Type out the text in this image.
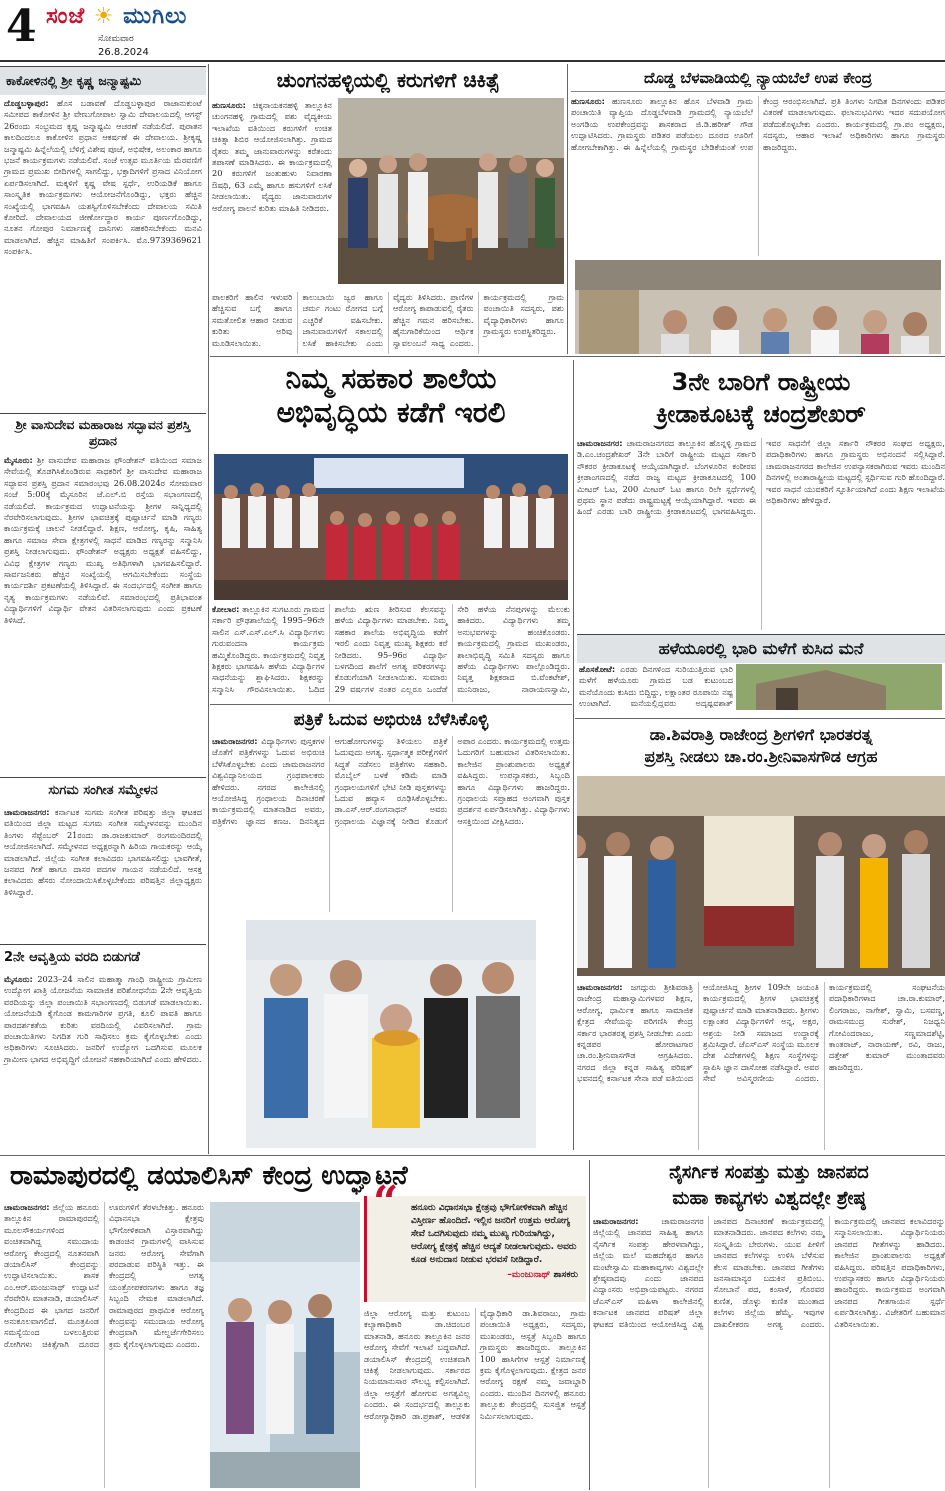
4 ಸಂಜೆ ☀ ಮುಗಿಲು
ಸೋಮವಾರ
26.8.2024
ಕಾಕೋಳಿನಲ್ಲಿ ಶ್ರೀ ಕೃಷ್ಣ ಜನ್ಮಾಷ್ಟಮಿ
ದೊಡ್ಡಬಳ್ಳಾಪುರ: ಹೊಸ ಬಡಾವಣೆ ದೊಡ್ಡಬಳ್ಳಾಪುರ ರಾಜಾನುಕುಂಟೆ ಸಮೀಪದ ಕಾಕೋಳಿನ ಶ್ರೀ ವೇಣುಗೋಪಾಲ ಸ್ವಾಮಿ ದೇವಾಲಯದಲ್ಲಿ ಆಗಸ್ಟ್ 26ರಂದು ಸಂಭ್ರಮದ ಕೃಷ್ಣ ಜನ್ಮಾಷ್ಟಮಿ ಆಚರಣೆ ನಡೆಯಲಿದೆ. ಪುರಾತನ ಕಾಲದಿಂದಲೂ ಕಾಕೋಳಿನ ಪ್ರಧಾನ ಆಕರ್ಷಣೆ ಈ ದೇವಾಲಯ. ಶ್ರೀಕೃಷ್ಣ ಜನ್ಮಾಷ್ಟಮಿ ಹಿನ್ನೆಲೆಯಲ್ಲಿ ಬೆಳಿಗ್ಗೆ ವಿಶೇಷ ಪೂಜೆ, ಅಭಿಷೇಕ, ಅಲಂಕಾರ ಹಾಗೂ ಭಜನೆ ಕಾರ್ಯಕ್ರಮಗಳು ನಡೆಯಲಿವೆ. ಸಂಜೆ ಉತ್ಸವ ಮೂರ್ತಿಯ ಮೆರವಣಿಗೆ ಗ್ರಾಮದ ಪ್ರಮುಖ ಬೀದಿಗಳಲ್ಲಿ ಸಾಗಲಿದ್ದು, ಭಕ್ತಾದಿಗಳಿಗೆ ಪ್ರಸಾದ ವಿನಿಯೋಗ ಏರ್ಪಡಿಸಲಾಗಿದೆ. ಮಕ್ಕಳಿಗೆ ಕೃಷ್ಣ ವೇಷ ಸ್ಪರ್ಧೆ, ಉರಿಯಡಿಕೆ ಹಾಗೂ ಸಾಂಸ್ಕೃತಿಕ ಕಾರ್ಯಕ್ರಮಗಳು ಆಯೋಜನೆಗೊಂಡಿದ್ದು, ಭಕ್ತರು ಹೆಚ್ಚಿನ ಸಂಖ್ಯೆಯಲ್ಲಿ ಭಾಗವಹಿಸಿ ಯಶಸ್ವಿಗೊಳಿಸಬೇಕೆಂದು ದೇವಾಲಯ ಸಮಿತಿ ಕೋರಿದೆ. ದೇವಾಲಯದ ಜೀರ್ಣೋದ್ಧಾರ ಕಾರ್ಯ ಪೂರ್ಣಗೊಂಡಿದ್ದು, ನೂತನ ಗೋಪುರ ನಿರ್ಮಾಣಕ್ಕೆ ದಾನಿಗಳು ಸಹಕರಿಸಬೇಕೆಂದು ಮನವಿ ಮಾಡಲಾಗಿದೆ. ಹೆಚ್ಚಿನ ಮಾಹಿತಿಗೆ ಸಂಪರ್ಕಿಸಿ. ಮೊ.9739369621 ಸಂಪರ್ಕಿಸಿ.
ಶ್ರೀ ವಾಸುದೇವ ಮಹಾರಾಜ ಸದ್ಭಾವನ ಪ್ರಶಸ್ತಿ ಪ್ರದಾನ
ಮೈಸೂರು: ಶ್ರೀ ವಾಸುದೇವ ಮಹಾರಾಜ ಫೌಂಡೇಶನ್ ವತಿಯಿಂದ ಸಮಾಜ ಸೇವೆಯಲ್ಲಿ ತೊಡಗಿಸಿಕೊಂಡಿರುವ ಸಾಧಕರಿಗೆ ಶ್ರೀ ವಾಸುದೇವ ಮಹಾರಾಜ ಸದ್ಭಾವನ ಪ್ರಶಸ್ತಿ ಪ್ರದಾನ ಸಮಾರಂಭವು 26.08.2024ರ ಸೋಮವಾರ ಸಂಜೆ 5:00ಕ್ಕೆ ಮೈಸೂರಿನ ಜೆ.ಎಲ್.ಬಿ ರಸ್ತೆಯ ಸಭಾಂಗಣದಲ್ಲಿ ನಡೆಯಲಿದೆ. ಕಾರ್ಯಕ್ರಮದ ಉದ್ಘಾಟನೆಯನ್ನು ಶ್ರೀಗಳ ಸಾನ್ನಿಧ್ಯದಲ್ಲಿ ನೆರವೇರಿಸಲಾಗುವುದು. ಶ್ರೀಗಳ ಭಾವಚಿತ್ರಕ್ಕೆ ಪುಷ್ಪಾರ್ಚನೆ ಮಾಡಿ ಗಣ್ಯರು ಕಾರ್ಯಕ್ರಮಕ್ಕೆ ಚಾಲನೆ ನೀಡಲಿದ್ದಾರೆ. ಶಿಕ್ಷಣ, ಆರೋಗ್ಯ, ಕೃಷಿ, ಸಾಹಿತ್ಯ ಹಾಗೂ ಸಮಾಜ ಸೇವಾ ಕ್ಷೇತ್ರಗಳಲ್ಲಿ ಸಾಧನೆ ಮಾಡಿದ ಗಣ್ಯರನ್ನು ಸನ್ಮಾನಿಸಿ ಪ್ರಶಸ್ತಿ ನೀಡಲಾಗುವುದು. ಫೌಂಡೇಶನ್ ಅಧ್ಯಕ್ಷರು ಅಧ್ಯಕ್ಷತೆ ವಹಿಸಲಿದ್ದು, ವಿವಿಧ ಕ್ಷೇತ್ರಗಳ ಗಣ್ಯರು ಮುಖ್ಯ ಅತಿಥಿಗಳಾಗಿ ಭಾಗವಹಿಸಲಿದ್ದಾರೆ. ಸಾರ್ವಜನಿಕರು ಹೆಚ್ಚಿನ ಸಂಖ್ಯೆಯಲ್ಲಿ ಆಗಮಿಸಬೇಕೆಂದು ಸಂಸ್ಥೆಯ ಕಾರ್ಯದರ್ಶಿ ಪ್ರಕಟಣೆಯಲ್ಲಿ ತಿಳಿಸಿದ್ದಾರೆ. ಈ ಸಂದರ್ಭದಲ್ಲಿ ಸಂಗೀತ ಹಾಗೂ ನೃತ್ಯ ಕಾರ್ಯಕ್ರಮಗಳು ನಡೆಯಲಿವೆ. ಸಮಾರಂಭದಲ್ಲಿ ಪ್ರತಿಭಾವಂತ ವಿದ್ಯಾರ್ಥಿಗಳಿಗೆ ವಿದ್ಯಾರ್ಥಿ ವೇತನ ವಿತರಿಸಲಾಗುವುದು ಎಂದು ಪ್ರಕಟಣೆ ತಿಳಿಸಿದೆ.
ಸುಗಮ ಸಂಗೀತ ಸಮ್ಮೇಳನ
ಚಾಮರಾಜನಗರ: ಕರ್ನಾಟಕ ಸುಗಮ ಸಂಗೀತ ಪರಿಷತ್ತು ಜಿಲ್ಲಾ ಘಟಕದ ವತಿಯಿಂದ ಜಿಲ್ಲಾ ಮಟ್ಟದ ಸುಗಮ ಸಂಗೀತ ಸಮ್ಮೇಳನವನ್ನು ಮುಂದಿನ ತಿಂಗಳು ಸೆಪ್ಟೆಂಬರ್ 21ರಂದು ಡಾ.ರಾಜಕುಮಾರ್ ರಂಗಮಂದಿರದಲ್ಲಿ ಆಯೋಜಿಸಲಾಗಿದೆ. ಸಮ್ಮೇಳನದ ಅಧ್ಯಕ್ಷರನ್ನಾಗಿ ಹಿರಿಯ ಗಾಯಕರನ್ನು ಆಯ್ಕೆ ಮಾಡಲಾಗಿದೆ. ಜಿಲ್ಲೆಯ ಸಂಗೀತ ಕಲಾವಿದರು ಭಾಗವಹಿಸಲಿದ್ದು ಭಾವಗೀತೆ, ಜನಪದ ಗೀತೆ ಹಾಗೂ ದಾಸರ ಪದಗಳ ಗಾಯನ ನಡೆಯಲಿದೆ. ಆಸಕ್ತ ಕಲಾವಿದರು ಹೆಸರು ನೋಂದಾಯಿಸಿಕೊಳ್ಳಬೇಕೆಂದು ಪರಿಷತ್ತಿನ ಜಿಲ್ಲಾಧ್ಯಕ್ಷರು ತಿಳಿಸಿದ್ದಾರೆ.
2ನೇ ಆವೃತ್ತಿಯ ವರದಿ ಬಿಡುಗಡೆ
ಮೈಸೂರು: 2023–24 ಸಾಲಿನ ಮಹಾತ್ಮಾ ಗಾಂಧಿ ರಾಷ್ಟ್ರೀಯ ಗ್ರಾಮೀಣ ಉದ್ಯೋಗ ಖಾತ್ರಿ ಯೋಜನೆಯ ಸಾಮಾಜಿಕ ಪರಿಶೋಧನೆಯ 2ನೇ ಆವೃತ್ತಿಯ ವರದಿಯನ್ನು ಜಿಲ್ಲಾ ಪಂಚಾಯಿತಿ ಸಭಾಂಗಣದಲ್ಲಿ ಬಿಡುಗಡೆ ಮಾಡಲಾಯಿತು. ಯೋಜನೆಯಡಿ ಕೈಗೊಂಡ ಕಾಮಗಾರಿಗಳ ಪ್ರಗತಿ, ಕೂಲಿ ಪಾವತಿ ಹಾಗೂ ಪಾರದರ್ಶಕತೆಯ ಕುರಿತು ವರದಿಯಲ್ಲಿ ವಿವರಿಸಲಾಗಿದೆ. ಗ್ರಾಮ ಪಂಚಾಯಿತಿಗಳು ನಿಗದಿತ ಗುರಿ ಸಾಧಿಸಲು ಕ್ರಮ ಕೈಗೊಳ್ಳಬೇಕು ಎಂದು ಅಧಿಕಾರಿಗಳು ಸೂಚಿಸಿದರು. ಜನರಿಗೆ ಉದ್ಯೋಗ ಒದಗಿಸುವ ಮೂಲಕ ಗ್ರಾಮೀಣ ಭಾಗದ ಅಭಿವೃದ್ಧಿಗೆ ಯೋಜನೆ ಸಹಕಾರಿಯಾಗಿದೆ ಎಂದು ಹೇಳಿದರು.
ಚುಂಗನಹಳ್ಳಿಯಲ್ಲಿ ಕರುಗಳಿಗೆ ಚಿಕಿತ್ಸೆ
ಹುಣಸೂರು: ಚಿಕ್ಕನಾಯಕನಹಳ್ಳಿ ತಾಲ್ಲೂಕಿನ ಚುಂಗನಹಳ್ಳಿ ಗ್ರಾಮದಲ್ಲಿ ಪಶು ವೈದ್ಯಕೀಯ ಇಲಾಖೆಯ ವತಿಯಿಂದ ಕರುಗಳಿಗೆ ಉಚಿತ ಚಿಕಿತ್ಸಾ ಶಿಬಿರ ಆಯೋಜಿಸಲಾಗಿತ್ತು. ಗ್ರಾಮದ ರೈತರು ತಮ್ಮ ಜಾನುವಾರುಗಳನ್ನು ಕರೆತಂದು ತಪಾಸಣೆ ಮಾಡಿಸಿದರು. ಈ ಕಾರ್ಯಕ್ರಮದಲ್ಲಿ 20 ಕರುಗಳಿಗೆ ಜಂತುಹುಳು ನಿವಾರಣಾ ಔಷಧಿ, 63 ಎಮ್ಮೆ ಹಾಗೂ ಹಸುಗಳಿಗೆ ಲಸಿಕೆ ನೀಡಲಾಯಿತು. ವೈದ್ಯರು ಜಾನುವಾರುಗಳ ಆರೋಗ್ಯ ಪಾಲನೆ ಕುರಿತು ಮಾಹಿತಿ ನೀಡಿದರು.
ಪಾಲಕರಿಗೆ ಹಾಲಿನ ಇಳುವರಿ ಹೆಚ್ಚಿಸುವ ಬಗ್ಗೆ ಹಾಗೂ ಸಮತೋಲಿತ ಆಹಾರ ನೀಡುವ ಕುರಿತು ಅರಿವು ಮೂಡಿಸಲಾಯಿತು. ಕಾಲುಬಾಯಿ ಜ್ವರ ಹಾಗೂ ಚರ್ಮ ಗಂಟು ರೋಗದ ಬಗ್ಗೆ ಎಚ್ಚರಿಕೆ ವಹಿಸಬೇಕು. ಜಾನುವಾರುಗಳಿಗೆ ಸಕಾಲದಲ್ಲಿ ಲಸಿಕೆ ಹಾಕಿಸಬೇಕು ಎಂದು ವೈದ್ಯರು ತಿಳಿಸಿದರು. ಪ್ರಾಣಿಗಳ ಆರೋಗ್ಯ ಕಾಪಾಡುವಲ್ಲಿ ರೈತರು ಹೆಚ್ಚಿನ ಗಮನ ಹರಿಸಬೇಕು. ಹೈನುಗಾರಿಕೆಯಿಂದ ಆರ್ಥಿಕ ಸ್ವಾವಲಂಬನೆ ಸಾಧ್ಯ ಎಂದರು. ಕಾರ್ಯಕ್ರಮದಲ್ಲಿ ಗ್ರಾಮ ಪಂಚಾಯಿತಿ ಸದಸ್ಯರು, ಪಶು ವೈದ್ಯಾಧಿಕಾರಿಗಳು ಹಾಗೂ ಗ್ರಾಮಸ್ಥರು ಉಪಸ್ಥಿತರಿದ್ದರು.
ದೊಡ್ಡ ಬೆಳವಾಡಿಯಲ್ಲಿ ನ್ಯಾಯಬೆಲೆ ಉಪ ಕೇಂದ್ರ
ಹುಣಸೂರು: ಹುಣಸೂರು ತಾಲ್ಲೂಕಿನ ಹೊಸ ಬೆಳವಾಡಿ ಗ್ರಾಮ ಪಂಚಾಯಿತಿ ವ್ಯಾಪ್ತಿಯ ದೊಡ್ಡಬೆಳವಾಡಿ ಗ್ರಾಮದಲ್ಲಿ ನ್ಯಾಯಬೆಲೆ ಅಂಗಡಿಯ ಉಪಕೇಂದ್ರವನ್ನು ಶಾಸಕರಾದ ಜಿ.ಡಿ.ಹರೀಶ್ ಗೌಡ ಉದ್ಘಾಟಿಸಿದರು. ಗ್ರಾಮಸ್ಥರು ಪಡಿತರ ಪಡೆಯಲು ದೂರದ ಊರಿಗೆ ಹೋಗಬೇಕಾಗಿತ್ತು. ಈ ಹಿನ್ನೆಲೆಯಲ್ಲಿ ಗ್ರಾಮಸ್ಥರ ಬೇಡಿಕೆಯಂತೆ ಉಪ ಕೇಂದ್ರ ಆರಂಭಿಸಲಾಗಿದೆ. ಪ್ರತಿ ತಿಂಗಳು ನಿಗದಿತ ದಿನಗಳಂದು ಪಡಿತರ ವಿತರಣೆ ಮಾಡಲಾಗುವುದು. ಫಲಾನುಭವಿಗಳು ಇದರ ಸದುಪಯೋಗ ಪಡೆದುಕೊಳ್ಳಬೇಕು ಎಂದರು. ಕಾರ್ಯಕ್ರಮದಲ್ಲಿ ಗ್ರಾ.ಪಂ ಅಧ್ಯಕ್ಷರು, ಸದಸ್ಯರು, ಆಹಾರ ಇಲಾಖೆ ಅಧಿಕಾರಿಗಳು ಹಾಗೂ ಗ್ರಾಮಸ್ಥರು ಹಾಜರಿದ್ದರು.
ನಿಮ್ಮ ಸಹಕಾರ ಶಾಲೆಯ
ಅಭಿವೃದ್ಧಿಯ ಕಡೆಗೆ ಇರಲಿ
ಕೋಲಾರ: ತಾಲ್ಲೂಕಿನ ಸುಗಟೂರು ಗ್ರಾಮದ ಸರ್ಕಾರಿ ಪ್ರೌಢಶಾಲೆಯಲ್ಲಿ 1995–96ನೇ ಸಾಲಿನ ಎಸ್.ಎಸ್.ಎಲ್.ಸಿ ವಿದ್ಯಾರ್ಥಿಗಳು ಗುರುವಂದನಾ ಕಾರ್ಯಕ್ರಮ ಹಮ್ಮಿಕೊಂಡಿದ್ದರು. ಕಾರ್ಯಕ್ರಮದಲ್ಲಿ ನಿವೃತ್ತ ಶಿಕ್ಷಕರು ಭಾಗವಹಿಸಿ ಹಳೆಯ ವಿದ್ಯಾರ್ಥಿಗಳ ಸಾಧನೆಯನ್ನು ಶ್ಲಾಘಿಸಿದರು. ಶಿಕ್ಷಕರನ್ನು ಸನ್ಮಾನಿಸಿ ಗೌರವಿಸಲಾಯಿತು. ಓದಿದ ಶಾಲೆಯ ಋಣ ತೀರಿಸುವ ಕೆಲಸವನ್ನು ಹಳೆಯ ವಿದ್ಯಾರ್ಥಿಗಳು ಮಾಡಬೇಕು. ನಿಮ್ಮ ಸಹಕಾರ ಶಾಲೆಯ ಅಭಿವೃದ್ಧಿಯ ಕಡೆಗೆ ಇರಲಿ ಎಂದು ನಿವೃತ್ತ ಮುಖ್ಯ ಶಿಕ್ಷಕರು ಕರೆ ನೀಡಿದರು. 95–96ರ ವಿದ್ಯಾರ್ಥಿ ಬಳಗದಿಂದ ಶಾಲೆಗೆ ಅಗತ್ಯ ಪರಿಕರಗಳನ್ನು ಕೊಡುಗೆಯಾಗಿ ನೀಡಲಾಯಿತು. ಸುಮಾರು 29 ವರ್ಷಗಳ ನಂತರ ಎಲ್ಲರೂ ಒಂದೆಡೆ ಸೇರಿ ಹಳೆಯ ನೆನಪುಗಳನ್ನು ಮೆಲುಕು ಹಾಕಿದರು. ವಿದ್ಯಾರ್ಥಿಗಳು ತಮ್ಮ ಅನುಭವಗಳನ್ನು ಹಂಚಿಕೊಂಡರು. ಕಾರ್ಯಕ್ರಮದಲ್ಲಿ ಗ್ರಾಮದ ಮುಖಂಡರು, ಶಾಲಾಭಿವೃದ್ಧಿ ಸಮಿತಿ ಸದಸ್ಯರು ಹಾಗೂ ಹಳೆಯ ವಿದ್ಯಾರ್ಥಿಗಳು ಪಾಲ್ಗೊಂಡಿದ್ದರು. ನಿವೃತ್ತ ಶಿಕ್ಷಕರಾದ ಬಿ.ವೆಂಕಟೇಶ್, ಮುನಿರಾಜು, ನಾರಾಯಣಸ್ವಾಮಿ,
3ನೇ ಬಾರಿಗೆ ರಾಷ್ಟ್ರೀಯ
ಕ್ರೀಡಾಕೂಟಕ್ಕೆ ಚಂದ್ರಶೇಖರ್
ಚಾಮರಾಜನಗರ: ಚಾಮರಾಜನಗರದ ತಾಲ್ಲೂಕಿನ ಹೊನ್ನಳ್ಳಿ ಗ್ರಾಮದ ಡಿ.ಎಂ.ಚಂದ್ರಶೇಖರ್ 3ನೇ ಬಾರಿಗೆ ರಾಷ್ಟ್ರೀಯ ಮಟ್ಟದ ಸರ್ಕಾರಿ ನೌಕರರ ಕ್ರೀಡಾಕೂಟಕ್ಕೆ ಆಯ್ಕೆಯಾಗಿದ್ದಾರೆ. ಬೆಂಗಳೂರಿನ ಕಂಠೀರವ ಕ್ರೀಡಾಂಗಣದಲ್ಲಿ ನಡೆದ ರಾಜ್ಯ ಮಟ್ಟದ ಕ್ರೀಡಾಕೂಟದಲ್ಲಿ 100 ಮೀಟರ್ ಓಟ, 200 ಮೀಟರ್ ಓಟ ಹಾಗೂ ರಿಲೇ ಸ್ಪರ್ಧೆಗಳಲ್ಲಿ ಪ್ರಥಮ ಸ್ಥಾನ ಪಡೆದು ರಾಷ್ಟ್ರಮಟ್ಟಕ್ಕೆ ಆಯ್ಕೆಯಾಗಿದ್ದಾರೆ. ಇವರು ಈ ಹಿಂದೆ ಎರಡು ಬಾರಿ ರಾಷ್ಟ್ರೀಯ ಕ್ರೀಡಾಕೂಟದಲ್ಲಿ ಭಾಗವಹಿಸಿದ್ದರು. ಇವರ ಸಾಧನೆಗೆ ಜಿಲ್ಲಾ ಸರ್ಕಾರಿ ನೌಕರರ ಸಂಘದ ಅಧ್ಯಕ್ಷರು, ಪದಾಧಿಕಾರಿಗಳು ಹಾಗೂ ಗ್ರಾಮಸ್ಥರು ಅಭಿನಂದನೆ ಸಲ್ಲಿಸಿದ್ದಾರೆ. ಚಾಮರಾಜನಗರದ ಕಾಲೇಜಿನ ಉಪನ್ಯಾಸಕರಾಗಿರುವ ಇವರು ಮುಂದಿನ ದಿನಗಳಲ್ಲಿ ಅಂತಾರಾಷ್ಟ್ರೀಯ ಮಟ್ಟದಲ್ಲಿ ಸ್ಪರ್ಧಿಸುವ ಗುರಿ ಹೊಂದಿದ್ದಾರೆ. ಇವರ ಸಾಧನೆ ಯುವಕರಿಗೆ ಸ್ಫೂರ್ತಿಯಾಗಿದೆ ಎಂದು ಶಿಕ್ಷಣ ಇಲಾಖೆಯ ಅಧಿಕಾರಿಗಳು ಹೇಳಿದ್ದಾರೆ.
ಹಳೆಯೂರಲ್ಲಿ ಭಾರಿ ಮಳೆಗೆ ಕುಸಿದ ಮನೆ
ಹೊಸಕೋಟೆ: ಎರಡು ದಿನಗಳಿಂದ ಸುರಿಯುತ್ತಿರುವ ಭಾರಿ ಮಳೆಗೆ ಹಳೆಯೂರು ಗ್ರಾಮದ ಬಡ ಕುಟುಂಬದ ಮನೆಯೊಂದು ಕುಸಿದು ಬಿದ್ದಿದ್ದು, ಲಕ್ಷಾಂತರ ರೂಪಾಯಿ ನಷ್ಟ ಉಂಟಾಗಿದೆ. ಮನೆಯಲ್ಲಿದ್ದವರು ಅದೃಷ್ಟವಶಾತ್
ಪತ್ರಿಕೆ ಓದುವ ಅಭಿರುಚಿ ಬೆಳೆಸಿಕೊಳ್ಳಿ
ಚಾಮರಾಜನಗರ: ವಿದ್ಯಾರ್ಥಿಗಳು ಪುಸ್ತಕಗಳ ಜೊತೆಗೆ ಪತ್ರಿಕೆಗಳನ್ನು ಓದುವ ಅಭಿರುಚಿ ಬೆಳೆಸಿಕೊಳ್ಳಬೇಕು ಎಂದು ಚಾಮರಾಜನಗರ ವಿಶ್ವವಿದ್ಯಾನಿಲಯದ ಗ್ರಂಥಪಾಲಕರು ಹೇಳಿದರು. ನಗರದ ಕಾಲೇಜಿನಲ್ಲಿ ಆಯೋಜಿಸಿದ್ದ ಗ್ರಂಥಾಲಯ ದಿನಾಚರಣೆ ಕಾರ್ಯಕ್ರಮದಲ್ಲಿ ಮಾತನಾಡಿದ ಅವರು, ಪತ್ರಿಕೆಗಳು ಜ್ಞಾನದ ಕಣಜ. ದಿನನಿತ್ಯದ ಆಗುಹೋಗುಗಳನ್ನು ತಿಳಿಯಲು ಪತ್ರಿಕೆ ಓದುವುದು ಅಗತ್ಯ. ಸ್ಪರ್ಧಾತ್ಮಕ ಪರೀಕ್ಷೆಗಳಿಗೆ ಸಿದ್ಧತೆ ನಡೆಸಲು ಪತ್ರಿಕೆಗಳು ಸಹಕಾರಿ. ಮೊಬೈಲ್ ಬಳಕೆ ಕಡಿಮೆ ಮಾಡಿ ಗ್ರಂಥಾಲಯಗಳಿಗೆ ಭೇಟಿ ನೀಡಿ ಪುಸ್ತಕಗಳನ್ನು ಓದುವ ಹವ್ಯಾಸ ರೂಢಿಸಿಕೊಳ್ಳಬೇಕು. ಡಾ.ಎಸ್.ಆರ್.ರಂಗನಾಥನ್ ಅವರು ಗ್ರಂಥಾಲಯ ವಿಜ್ಞಾನಕ್ಕೆ ನೀಡಿದ ಕೊಡುಗೆ ಅಪಾರ ಎಂದರು. ಕಾರ್ಯಕ್ರಮದಲ್ಲಿ ಉತ್ತಮ ಓದುಗರಿಗೆ ಬಹುಮಾನ ವಿತರಿಸಲಾಯಿತು. ಕಾಲೇಜಿನ ಪ್ರಾಂಶುಪಾಲರು ಅಧ್ಯಕ್ಷತೆ ವಹಿಸಿದ್ದರು. ಉಪನ್ಯಾಸಕರು, ಸಿಬ್ಬಂದಿ ಹಾಗೂ ವಿದ್ಯಾರ್ಥಿಗಳು ಹಾಜರಿದ್ದರು. ಗ್ರಂಥಾಲಯ ಸಪ್ತಾಹದ ಅಂಗವಾಗಿ ಪುಸ್ತಕ ಪ್ರದರ್ಶನ ಏರ್ಪಡಿಸಲಾಗಿತ್ತು. ವಿದ್ಯಾರ್ಥಿಗಳು ಆಸಕ್ತಿಯಿಂದ ವೀಕ್ಷಿಸಿದರು.
ಡಾ.ಶಿವರಾತ್ರಿ ರಾಜೇಂದ್ರ ಶ್ರೀಗಳಿಗೆ ಭಾರತರತ್ನ
ಪ್ರಶಸ್ತಿ ನೀಡಲು ಚಾ.ರಂ.ಶ್ರೀನಿವಾಸಗೌಡ ಆಗ್ರಹ
ಚಾಮರಾಜನಗರ: ಜಗದ್ಗುರು ಶ್ರೀಶಿವರಾತ್ರಿ ರಾಜೇಂದ್ರ ಮಹಾಸ್ವಾಮಿಗಳವರ ಶಿಕ್ಷಣ, ಆರೋಗ್ಯ, ಧಾರ್ಮಿಕ ಹಾಗೂ ಸಾಮಾಜಿಕ ಕ್ಷೇತ್ರದ ಸೇವೆಯನ್ನು ಪರಿಗಣಿಸಿ ಕೇಂದ್ರ ಸರ್ಕಾರ ಭಾರತರತ್ನ ಪ್ರಶಸ್ತಿ ನೀಡಬೇಕು ಎಂದು ಕನ್ನಡಪರ ಹೋರಾಟಗಾರ ಚಾ.ರಂ.ಶ್ರೀನಿವಾಸಗೌಡ ಆಗ್ರಹಿಸಿದರು. ನಗರದ ಜಿಲ್ಲಾ ಕನ್ನಡ ಸಾಹಿತ್ಯ ಪರಿಷತ್ ಭವನದಲ್ಲಿ ಕರ್ನಾಟಕ ಸೇನಾ ಪಡೆ ವತಿಯಿಂದ ಆಯೋಜಿಸಿದ್ದ ಶ್ರೀಗಳ 109ನೇ ಜಯಂತಿ ಕಾರ್ಯಕ್ರಮದಲ್ಲಿ ಶ್ರೀಗಳ ಭಾವಚಿತ್ರಕ್ಕೆ ಪುಷ್ಪಾರ್ಚನೆ ಮಾಡಿ ಮಾತನಾಡಿದರು. ಶ್ರೀಗಳು ಲಕ್ಷಾಂತರ ವಿದ್ಯಾರ್ಥಿಗಳಿಗೆ ಅನ್ನ, ಅಕ್ಷರ, ಆಶ್ರಯ ನೀಡಿ ಸಮಾಜದ ಉದ್ಧಾರಕ್ಕೆ ಶ್ರಮಿಸಿದ್ದಾರೆ. ಜೆಎಸ್‌ಎಸ್ ಸಂಸ್ಥೆಯ ಮೂಲಕ ದೇಶ ವಿದೇಶಗಳಲ್ಲಿ ಶಿಕ್ಷಣ ಸಂಸ್ಥೆಗಳನ್ನು ಸ್ಥಾಪಿಸಿ ಜ್ಞಾನ ದಾಸೋಹ ನಡೆಸಿದ್ದಾರೆ. ಅವರ ಸೇವೆ ಅವಿಸ್ಮರಣೀಯ ಎಂದರು. ಕಾರ್ಯಕ್ರಮದಲ್ಲಿ ಸಂಘಟನೆಯ ಪದಾಧಿಕಾರಿಗಳಾದ ಚಾ.ರಾ.ಕುಮಾರ್, ಲಿಂಗರಾಜು, ನಾಗೇಶ್, ಸ್ವಾಮಿ, ಬಸವಣ್ಣ, ರಾಮಸಮುದ್ರ ಸುರೇಶ್, ನಿಜಧ್ವನಿ ಗೋವಿಂದರಾಜು, ಸಣ್ಣಮಾದಶೆಟ್ಟಿ, ಕಾಂತರಾಜ್, ನಾರಾಯಣ್, ರವಿ, ರಾಜು, ದತ್ತೇಶ್ ಕುಮಾರ್ ಮುಂತಾದವರು ಹಾಜರಿದ್ದರು.
ರಾಮಾಪುರದಲ್ಲಿ ಡಯಾಲಿಸಿಸ್ ಕೇಂದ್ರ ಉದ್ಘಾಟನೆ
ಚಾಮರಾಜನಗರ: ಜಿಲ್ಲೆಯ ಹನೂರು ತಾಲ್ಲೂಕಿನ ರಾಮಾಪುರದಲ್ಲಿ ಮೂಲಸೌಕರ್ಯಗಳಿಂದ ವಂಚಿತವಾಗಿದ್ದ ಸಮುದಾಯ ಆರೋಗ್ಯ ಕೇಂದ್ರದಲ್ಲಿ ನೂತನವಾಗಿ ಡಯಾಲಿಸಿಸ್ ಕೇಂದ್ರವನ್ನು ಉದ್ಘಾಟಿಸಲಾಯಿತು. ಶಾಸಕ ಎಂ.ಆರ್.ಮಂಜುನಾಥ್ ಉದ್ಘಾಟನೆ ನೆರವೇರಿಸಿ ಮಾತನಾಡಿ, ಡಯಾಲಿಸಿಸ್ ಕೇಂದ್ರದಿಂದ ಈ ಭಾಗದ ಜನರಿಗೆ ಅನುಕೂಲವಾಗಲಿದೆ. ಮೂತ್ರಪಿಂಡ ಸಮಸ್ಯೆಯಿಂದ ಬಳಲುತ್ತಿರುವ ರೋಗಿಗಳು ಚಿಕಿತ್ಸೆಗಾಗಿ ದೂರದ ಊರುಗಳಿಗೆ ತೆರಳಬೇಕಿತ್ತು. ಹನೂರು ವಿಧಾನಸಭಾ ಕ್ಷೇತ್ರವು ಭೌಗೋಳಿಕವಾಗಿ ವಿಸ್ತಾರವಾಗಿದ್ದು ಕಾಡಂಚಿನ ಗ್ರಾಮಗಳಲ್ಲಿ ವಾಸಿಸುವ ಜನರು ಆರೋಗ್ಯ ಸೇವೆಗಾಗಿ ಪರದಾಡುವ ಪರಿಸ್ಥಿತಿ ಇತ್ತು. ಈ ಕೇಂದ್ರದಲ್ಲಿ ಅಗತ್ಯ ಯಂತ್ರೋಪಕರಣಗಳು ಹಾಗೂ ತಜ್ಞ ಸಿಬ್ಬಂದಿ ನೇಮಕ ಮಾಡಲಾಗಿದೆ. ರಾಮಾಪುರದ ಪ್ರಾಥಮಿಕ ಆರೋಗ್ಯ ಕೇಂದ್ರವನ್ನು ಸಮುದಾಯ ಆರೋಗ್ಯ ಕೇಂದ್ರವಾಗಿ ಮೇಲ್ದರ್ಜೆಗೇರಿಸಲು ಕ್ರಮ ಕೈಗೊಳ್ಳಲಾಗುವುದು ಎಂದರು.
“ ಹನೂರು ವಿಧಾನಸಭಾ ಕ್ಷೇತ್ರವು ಭೌಗೋಳಿಕವಾಗಿ ಹೆಚ್ಚಿನ ವಿಸ್ತೀರ್ಣ ಹೊಂದಿದೆ. ಇಲ್ಲಿನ ಜನರಿಗೆ ಉತ್ತಮ ಆರೋಗ್ಯ ಸೇವೆ ಒದಗಿಸುವುದು ನಮ್ಮ ಮುಖ್ಯ ಗುರಿಯಾಗಿದ್ದು, ಆರೋಗ್ಯ ಕ್ಷೇತ್ರಕ್ಕೆ ಹೆಚ್ಚಿನ ಆದ್ಯತೆ ನೀಡಲಾಗುವುದು. ಅವರು ಕೂಡ ಅನುದಾನ ನೀಡುವ ಭರವಸೆ ನೀಡಿದ್ದಾರೆ.
–ಮಂಜುನಾಥ್ ಶಾಸಕರು
ಜಿಲ್ಲಾ ಆರೋಗ್ಯ ಮತ್ತು ಕುಟುಂಬ ಕಲ್ಯಾಣಾಧಿಕಾರಿ ಡಾ.ಚಿದಂಬರ ಮಾತನಾಡಿ, ಹನೂರು ತಾಲ್ಲೂಕಿನ ಜನರ ಆರೋಗ್ಯ ಸೇವೆಗೆ ಇಲಾಖೆ ಬದ್ಧವಾಗಿದೆ. ಡಯಾಲಿಸಿಸ್ ಕೇಂದ್ರದಲ್ಲಿ ಉಚಿತವಾಗಿ ಚಿಕಿತ್ಸೆ ನೀಡಲಾಗುವುದು. ಸರ್ಕಾರದ ನಿಯಮಾನುಸಾರ ಸೌಲಭ್ಯ ಕಲ್ಪಿಸಲಾಗಿದೆ. ಜಿಲ್ಲಾ ಆಸ್ಪತ್ರೆಗೆ ಹೋಗುವ ಅಗತ್ಯವಿಲ್ಲ ಎಂದರು. ಈ ಸಂದರ್ಭದಲ್ಲಿ ತಾಲ್ಲೂಕು ಆರೋಗ್ಯಾಧಿಕಾರಿ ಡಾ.ಪ್ರಕಾಶ್, ಆಡಳಿತ ವೈದ್ಯಾಧಿಕಾರಿ ಡಾ.ಶಿವರಾಜು, ಗ್ರಾಮ ಪಂಚಾಯಿತಿ ಅಧ್ಯಕ್ಷರು, ಸದಸ್ಯರು, ಮುಖಂಡರು, ಆಸ್ಪತ್ರೆ ಸಿಬ್ಬಂದಿ ಹಾಗೂ ಗ್ರಾಮಸ್ಥರು ಹಾಜರಿದ್ದರು. ತಾಲ್ಲೂಕಿನ 100 ಹಾಸಿಗೆಗಳ ಆಸ್ಪತ್ರೆ ನಿರ್ಮಾಣಕ್ಕೆ ಕ್ರಮ ಕೈಗೊಳ್ಳಲಾಗುವುದು. ಕ್ಷೇತ್ರದ ಜನರ ಆರೋಗ್ಯ ರಕ್ಷಣೆ ನಮ್ಮ ಜವಾಬ್ದಾರಿ ಎಂದರು. ಮುಂದಿನ ದಿನಗಳಲ್ಲಿ ಹನೂರು ತಾಲ್ಲೂಕು ಕೇಂದ್ರದಲ್ಲಿ ಸುಸಜ್ಜಿತ ಆಸ್ಪತ್ರೆ ನಿರ್ಮಿಸಲಾಗುವುದು.
ನೈಸರ್ಗಿಕ ಸಂಪತ್ತು ಮತ್ತು ಜಾನಪದ
ಮಹಾ ಕಾವ್ಯಗಳು ವಿಶ್ವದಲ್ಲೇ ಶ್ರೇಷ್ಠ
ಚಾಮರಾಜನಗರ:	ಚಾಮರಾಜನಗರ ಜಿಲ್ಲೆಯಲ್ಲಿ ಜಾನಪದ ಸಾಹಿತ್ಯ ಹಾಗೂ ನೈಸರ್ಗಿಕ ಸಂಪತ್ತು ಹೇರಳವಾಗಿದ್ದು, ಜಿಲ್ಲೆಯ ಮಲೆ ಮಹದೇಶ್ವರ ಹಾಗೂ ಮಂಟೇಸ್ವಾಮಿ ಮಹಾಕಾವ್ಯಗಳು ವಿಶ್ವದಲ್ಲೇ ಶ್ರೇಷ್ಠವಾದವು ಎಂದು ಜಾನಪದ ವಿದ್ವಾಂಸರು ಅಭಿಪ್ರಾಯಪಟ್ಟರು. ನಗರದ ಜೆಎಸ್‌ಎಸ್ ಮಹಿಳಾ ಕಾಲೇಜಿನಲ್ಲಿ ಕರ್ನಾಟಕ ಜಾನಪದ ಪರಿಷತ್ ಜಿಲ್ಲಾ ಘಟಕದ ವತಿಯಿಂದ ಆಯೋಜಿಸಿದ್ದ ವಿಶ್ವ ಜಾನಪದ ದಿನಾಚರಣೆ ಕಾರ್ಯಕ್ರಮದಲ್ಲಿ ಮಾತನಾಡಿದರು. ಜಾನಪದ ಕಲೆಗಳು ನಮ್ಮ ಸಂಸ್ಕೃತಿಯ ಬೇರುಗಳು. ಯುವ ಪೀಳಿಗೆ ಜಾನಪದ ಕಲೆಗಳನ್ನು ಉಳಿಸಿ ಬೆಳೆಸುವ ಕೆಲಸ ಮಾಡಬೇಕು. ಜಾನಪದ ಗೀತೆಗಳು ಜನಸಾಮಾನ್ಯರ ಬದುಕಿನ ಪ್ರತಿಬಿಂಬ. ಸೋಬಾನೆ ಪದ, ಕಂಸಾಳೆ, ಗೊರವರ ಕುಣಿತ, ಡೊಳ್ಳು ಕುಣಿತ ಮುಂತಾದ ಕಲೆಗಳು ಜಿಲ್ಲೆಯ ಹೆಮ್ಮೆ. ಇವುಗಳ ದಾಖಲೀಕರಣ ಅಗತ್ಯ ಎಂದರು. ಕಾರ್ಯಕ್ರಮದಲ್ಲಿ ಜಾನಪದ ಕಲಾವಿದರನ್ನು ಸನ್ಮಾನಿಸಲಾಯಿತು. ವಿದ್ಯಾರ್ಥಿನಿಯರು ಜಾನಪದ ಗೀತೆಗಳನ್ನು ಹಾಡಿದರು. ಕಾಲೇಜಿನ ಪ್ರಾಂಶುಪಾಲರು ಅಧ್ಯಕ್ಷತೆ ವಹಿಸಿದ್ದರು. ಪರಿಷತ್ತಿನ ಪದಾಧಿಕಾರಿಗಳು, ಉಪನ್ಯಾಸಕರು ಹಾಗೂ ವಿದ್ಯಾರ್ಥಿನಿಯರು ಹಾಜರಿದ್ದರು. ಕಾರ್ಯಕ್ರಮದ ಅಂಗವಾಗಿ ಜಾನಪದ ಗೀತಗಾಯನ ಸ್ಪರ್ಧೆ ಏರ್ಪಡಿಸಲಾಗಿತ್ತು. ವಿಜೇತರಿಗೆ ಬಹುಮಾನ ವಿತರಿಸಲಾಯಿತು.
